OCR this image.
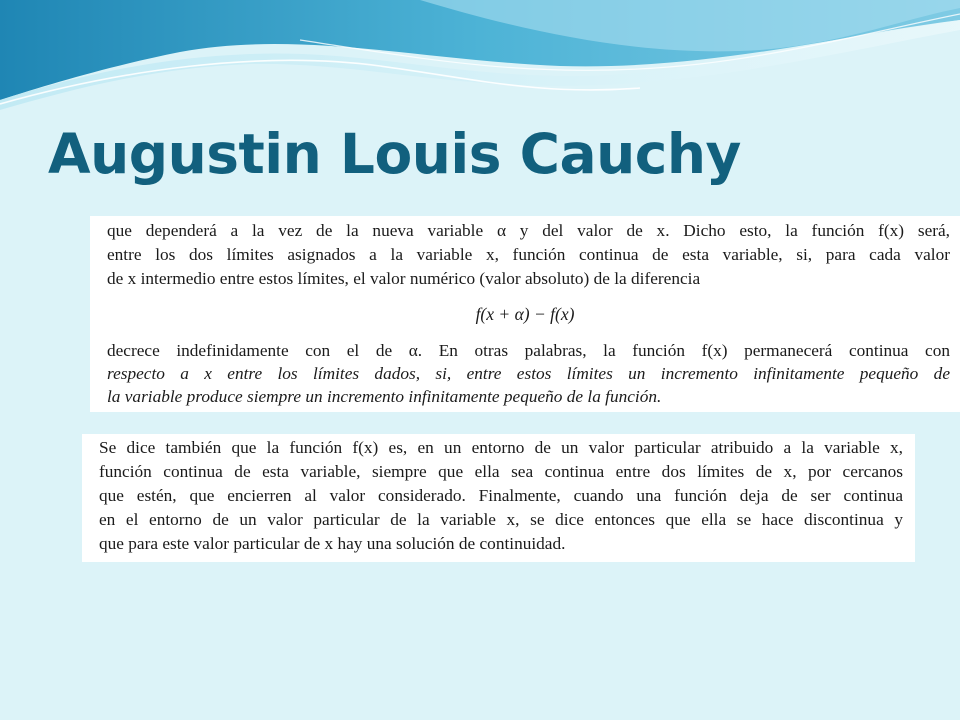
Augustin Louis Cauchy
que dependerá a la vez de la nueva variable α y del valor de x. Dicho esto, la función f(x) será,
entre los dos límites asignados a la variable x, función continua de esta variable, si, para cada valor
de x intermedio entre estos límites, el valor numérico (valor absoluto) de la diferencia
f(x + α) − f(x)
decrece indefinidamente con el de α. En otras palabras, la función f(x) permanecerá continua con
respecto a x entre los límites dados, si, entre estos límites un incremento infinitamente pequeño de
la variable produce siempre un incremento infinitamente pequeño de la función.
Se dice también que la función f(x) es, en un entorno de un valor particular atribuido a la variable x,
función continua de esta variable, siempre que ella sea continua entre dos límites de x, por cercanos
que estén, que encierren al valor considerado. Finalmente, cuando una función deja de ser continua
en el entorno de un valor particular de la variable x, se dice entonces que ella se hace discontinua y
que para este valor particular de x hay una solución de continuidad.
